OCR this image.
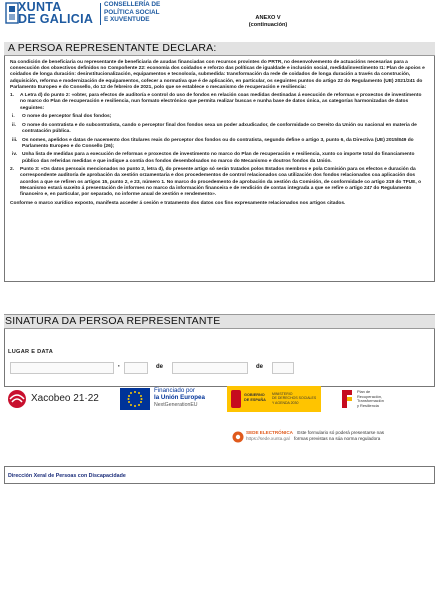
XUNTA
DE GALICIA
CONSELLERÍA DE
POLÍTICA SOCIAL
E XUVENTUDE	ANEXO V
(continuación)
A PERSOA REPRESENTANTE DECLARA:

Na condición de beneficiaria ou representante de beneficiaria de axudas financiadas con recursos provintes do PRTR, no desenvolvemento de actuacións necesarias para a consecución dos obxectivos definidos no Compoñente 22: economía dos coidados e reforzo das políticas de igualdade e inclusión social, medida/investimento I1: Plan de apoios e coidados de longa duración: desinstitucionalización, equipamentos e tecnoloxía, submedida: transformación da rede de coidados de longa duración a través da construción, adquisición, reforma e modernización de equipamentos, cofecer a normativa que é de aplicación, en particular, os seguintes puntos do artigo 22 do Regulamento (UE) 2021/241 do Parlamento Europeo e do Consello, do 12 de febreiro de 2021, polo que se establece o mecanismo de recuperación e resiliencia:

1.	A Letra d) do punto 2: «obter, para efectos de auditoría e control do uso de fondos en relación coas medidas destinadas á execución de reformas e proxectos de investimento no marco do Plan de recuperación e resiliencia, nun formato electrónico que permita realizar buscas e nunha base de datos única, as categorías harmonizadas de datos seguintes:
i.	O nome do perceptor final dos fondos;
ii.	O nome do contratista e do subcontratista, cando o perceptor final dos fondos sexa un poder adxudicador, de conformidade co Dereito da Unión ou nacional en materia de contratación pública.
iii. Os nomes, apelidos e datas de nacemento dos titulares reais do perceptor dos fondos ou do contratista, segundo define o artigo 3, punto 6, da Directiva (UE) 2015/849 do Parlamento Europeo e do Consello (26);
iv.	Unha lista de medidas para a execución de reformas e proxectos de investimento no marco do Plan de recuperación e resiliencia, xunto co importe total do financiamento público das referidas medidas e que indique a contía dos fondos desembolsados no marco do Mecanismo e doutros fondos da Unión.
2.	Punto 3: «Os datos persoais mencionados no punto 2, letra d), do presente artigo só serán tratados polos Estados membros e pola Comisión para os efectos e duración da correspondente auditoría de aprobación da xestión orzamentaria e dos procedementos de control relacionados coa utilización dos fondos relacionados coa aplicación dos acordos a que se refiren os artigos 15, punto 2, e 23, número 1. No marco do procedemento de aprobación da xestión da Comisión, de conformidade co artigo 319 do TFUE, o Mecanismo estará suxeito á presentación de informes no marco da información financeira e de rendición de contas integrada a que se refire o artigo 247 do Regulamento financeiro e, en particular, por separado, no informe anual de xestión e rendemento».

Conforme o marco xurídico exposto, manifesta acceder á cesión e tratamento dos datos cos fins expresamente relacionados nos artigos citados.

SINATURA DA PERSOA REPRESENTANTE
LUGAR E DATA
,	de	de
Xacobeo 21·22
Financiado por
la Unión Europea
NextGenerationEU
GOBIERNO
DE ESPAÑA
MINISTERIO
DE DERECHOS SOCIALES
Y AGENDA 2030
Plan de
Recuperación,
Transformación
y Resiliencia
SEDE ELECTRÓNICA Este formulario só poderá presentarse nas
https://sede.xunta.gal formas previstas na súa norma reguladora
Dirección Xeral de Persoas con Discapacidade
